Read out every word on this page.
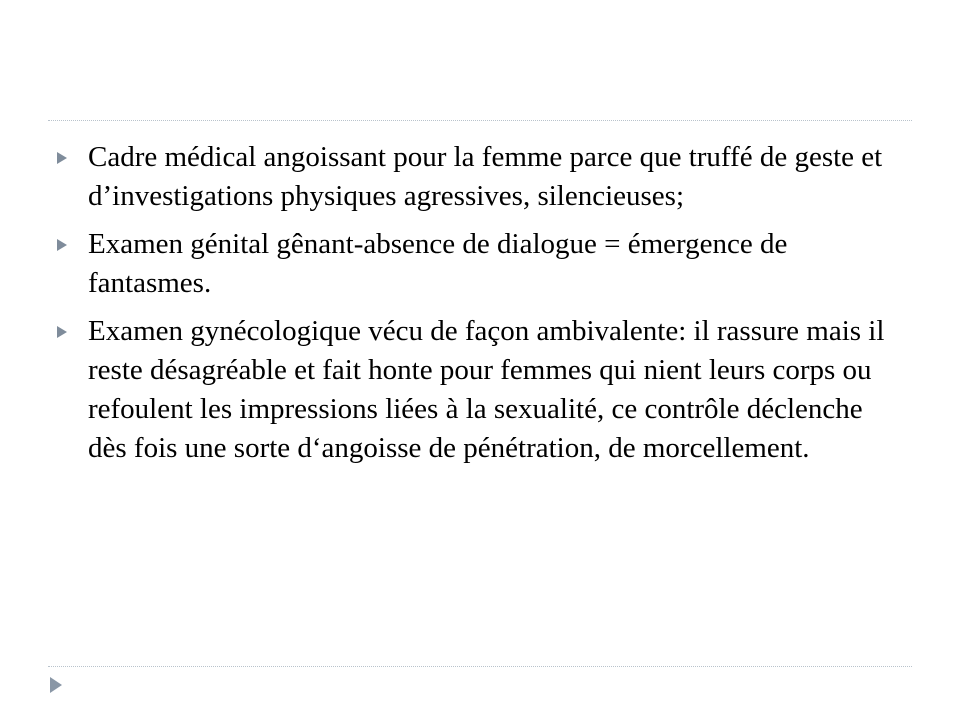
Cadre médical angoissant pour la femme parce que truffé de geste et d’investigations physiques agressives, silencieuses;
Examen génital gênant-absence de dialogue = émergence de fantasmes.
Examen gynécologique vécu de façon ambivalente: il rassure mais il reste désagréable et fait honte pour femmes qui nient leurs corps ou refoulent les impressions liées à la sexualité, ce contrôle déclenche dès fois une sorte d‘angoisse de pénétration, de morcellement.
